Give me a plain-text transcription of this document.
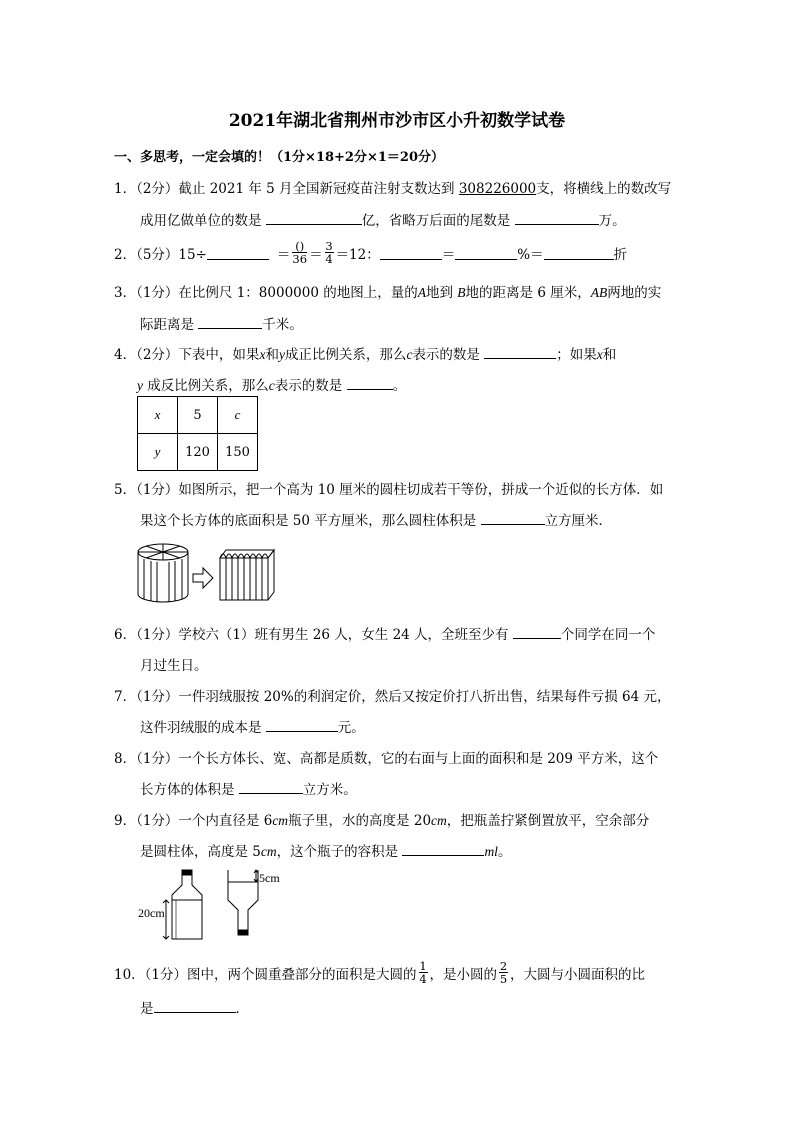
2021年湖北省荆州市沙市区小升初数学试卷
一、多思考，一定会填的！（1分×18+2分×1＝20分）
1．（2分）截止 2021 年 5 月全国新冠疫苗注射支数达到 308226000支，将横线上的数改写
成用亿做单位的数是	亿，省略万后面的尾数是	万。
2．（5分）15÷	＝ $\frac{()}{36} = \frac{3}{4} =12$：	＝	%＝	折
3．（1分）在比例尺 1：8000000 的地图上，量的A地到 B地的距离是 6 厘米，AB两地的实
际距离是	千米。
4．（2分）下表中，如果x和y成正比例关系，那么c表示的数是	；如果x和
y 成反比例关系，那么c表示的数是	。
x	5	c
y	120	150
5．（1分）如图所示，把一个高为 10 厘米的圆柱切成若干等份，拼成一个近似的长方体．如
果这个长方体的底面积是 50 平方厘米，那么圆柱体积是	立方厘米．
6．（1分）学校六（1）班有男生 26 人，女生 24 人，全班至少有	个同学在同一个
月过生日。
7．（1分）一件羽绒服按 20%的利润定价，然后又按定价打八折出售，结果每件亏损 64 元，
这件羽绒服的成本是	元。
8．（1分）一个长方体长、宽、高都是质数，它的右面与上面的面积和是 209 平方米，这个
长方体的体积是	立方米。
9．（1分）一个内直径是 6cm瓶子里，水的高度是 20cm，把瓶盖拧紧倒置放平，空余部分
是圆柱体，高度是 5cm，这个瓶子的容积是	ml。
20cm
5cm
10．（1分）图中，两个圆重叠部分的面积是大圆的 $\frac{1}{4}$ ，是小圆的 $\frac{2}{5}$ ，大圆与小圆面积的比
是	．
